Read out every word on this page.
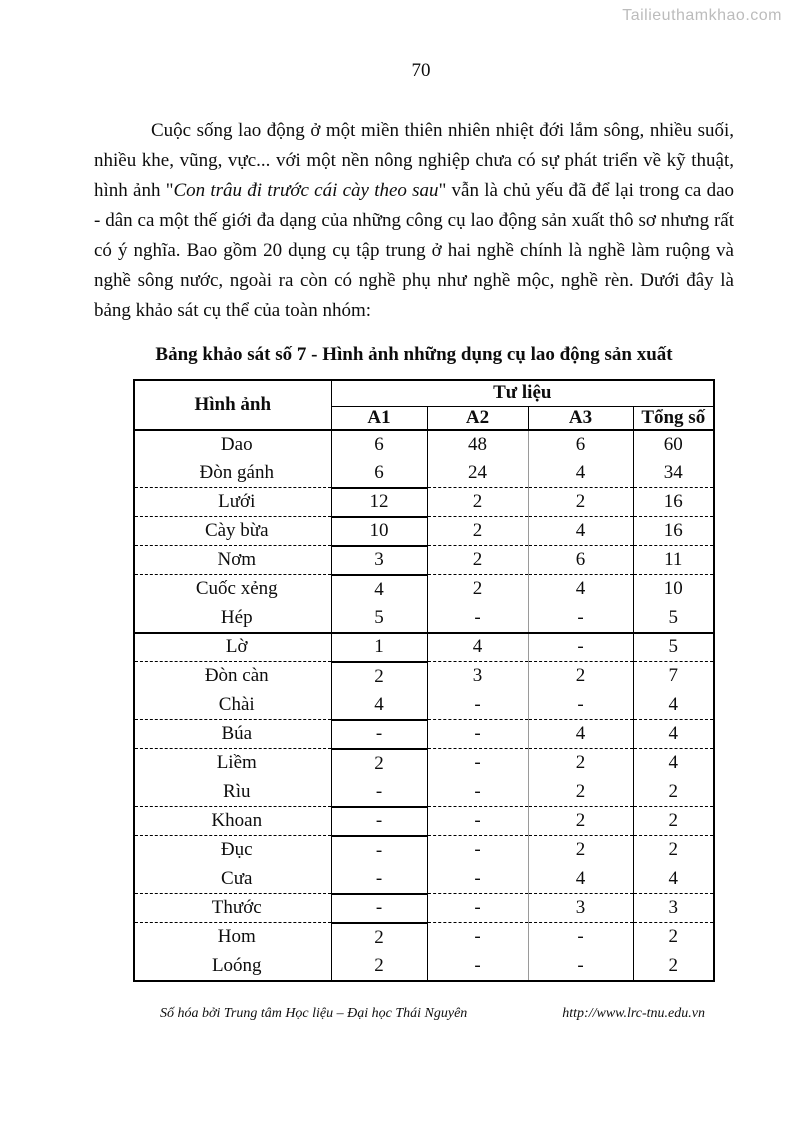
Tailieuthamkhao.com
70

Cuộc sống lao động ở một miền thiên nhiên nhiệt đới lắm sông, nhiều suối, nhiều khe, vũng, vực... với một nền nông nghiệp chưa có sự phát triển về kỹ thuật, hình ảnh "Con trâu đi trước cái cày theo sau" vẫn là chủ yếu đã để lại trong ca dao - dân ca một thế giới đa dạng của những công cụ lao động sản xuất thô sơ nhưng rất có ý nghĩa. Bao gồm 20 dụng cụ tập trung ở hai nghề chính là nghề làm ruộng và nghề sông nước, ngoài ra còn có nghề phụ như nghề mộc, nghề rèn. Dưới đây là bảng khảo sát cụ thể của toàn nhóm:

Bảng khảo sát số 7 - Hình ảnh những dụng cụ lao động sản xuất
Hình ảnh	Tư liệu			
	A1	A2	A3	Tổng số
Dao	6	48	6	60
Đòn gánh	6	24	4	34
Lưới	12	2	2	16
Cày bừa	10	2	4	16
Nơm	3	2	6	11
Cuốc xẻng	4	2	4	10
Hép	5	-	-	5
Lờ	1	4	-	5
Đòn càn	2	3	2	7
Chài	4	-	-	4
Búa	-	-	4	4
Liềm	2	-	2	4
Rìu	-	-	2	2
Khoan	-	-	2	2
Đục	-	-	2	2
Cưa	-	-	4	4
Thước	-	-	3	3
Hom	2	-	-	2
Loóng	2	-	-	2
Số hóa bởi Trung tâm Học liệu – Đại học Thái Nguyên	http://www.lrc-tnu.edu.vn
